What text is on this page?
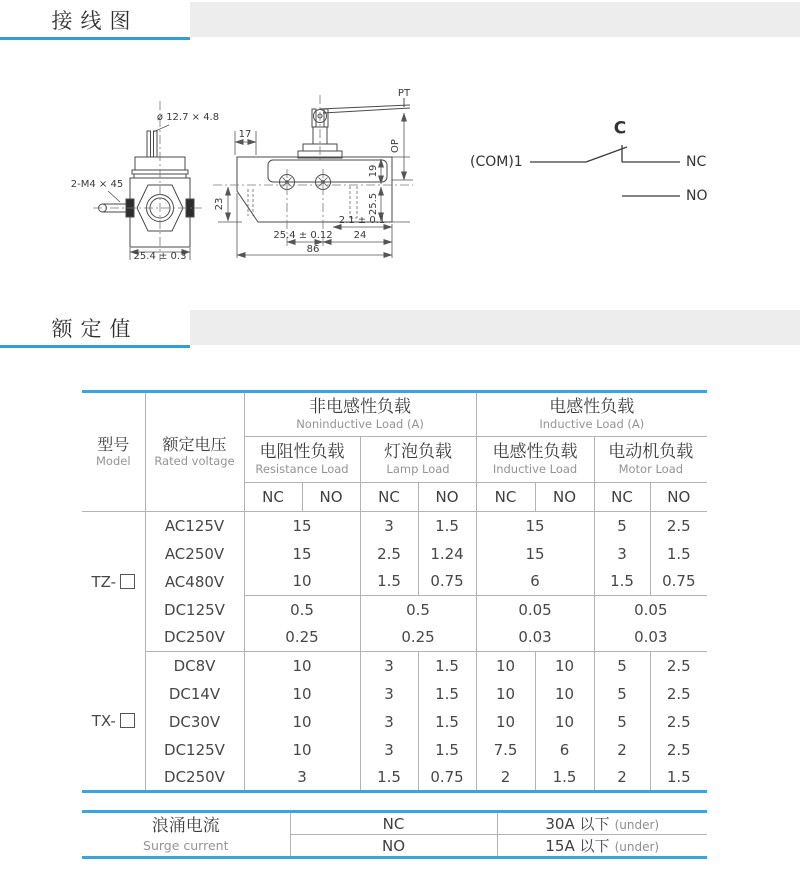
接线图
ø 12.7 × 4.8
2-M4 × 45
25.4 ± 0.3
17
PT
OP
19
25.5
23
2.1 ± 0.1
25.4 ± 0.12 24
86
C
(COM)1	NC
NO
额定值
型号
Model

额定电压
Rated voltage

非电感性负载
Noninductive Load (A)

电感性负载
Inductive Load (A)

电阻性负载
Resistance Load

灯泡负载
Lamp Load

电感性负载
Inductive Load

电动机负载
Motor Load

		NC	NO	NC	NO	NC	NO	NC	NO
TZ-	AC125V	15		3	1.5	15		5	2.5
	AC250V	15		2.5	1.24	15		3	1.5
	AC480V	10		1.5	0.75	6		1.5	0.75
	DC125V	0.5		0.5		0.05		0.05	
	DC250V	0.25		0.25		0.03		0.03	
TX-	DC8V	10		3	1.5	10	10	5	2.5
	DC14V	10		3	1.5	10	10	5	2.5
	DC30V	10		3	1.5	10	10	5	2.5
	DC125V	10		3	1.5	7.5	6	2	2.5
	DC250V	3		1.5	0.75	2	1.5	2	1.5
浪涌电流
Surge current	NC	30A 以下 (under)
	NO	15A 以下 (under)
